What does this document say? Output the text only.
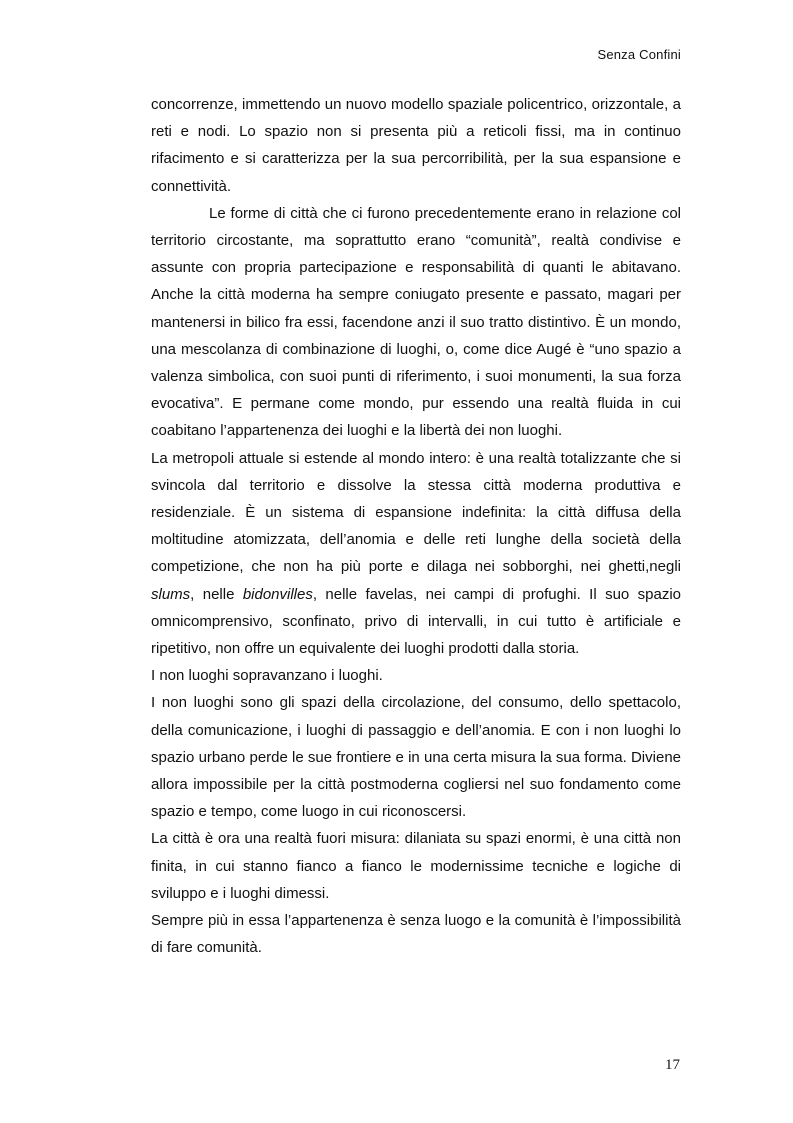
Senza Confini

concorrenze, immettendo un nuovo modello spaziale policentrico, orizzontale, a reti e nodi. Lo spazio non si presenta più a reticoli fissi, ma in continuo rifacimento e si caratterizza per la sua percorribilità, per la sua espansione e connettività.

Le forme di città che ci furono precedentemente erano in relazione col territorio circostante, ma soprattutto erano “comunità”, realtà condivise e assunte con propria partecipazione e responsabilità di quanti le abitavano. Anche la città moderna ha sempre coniugato presente e passato, magari per mantenersi in bilico fra essi, facendone anzi il suo tratto distintivo. È un mondo, una mescolanza di combinazione di luoghi, o, come dice Augé è “uno spazio a valenza simbolica, con suoi punti di riferimento, i suoi monumenti, la sua forza evocativa”. E permane come mondo, pur essendo una realtà fluida in cui coabitano l’appartenenza dei luoghi e la libertà dei non luoghi.

La metropoli attuale si estende al mondo intero: è una realtà totalizzante che si svincola dal territorio e dissolve la stessa città moderna produttiva e residenziale. È un sistema di espansione indefinita: la città diffusa della moltitudine atomizzata, dell’anomia e delle reti lunghe della società della competizione, che non ha più porte e dilaga nei sobborghi, nei ghetti,negli slums, nelle bidonvilles, nelle favelas, nei campi di profughi. Il suo spazio omnicomprensivo, sconfinato, privo di intervalli, in cui tutto è artificiale e ripetitivo, non offre un equivalente dei luoghi prodotti dalla storia.

I non luoghi sopravanzano i luoghi.

I non luoghi sono gli spazi della circolazione, del consumo, dello spettacolo, della comunicazione, i luoghi di passaggio e dell’anomia. E con i non luoghi lo spazio urbano perde le sue frontiere e in una certa misura la sua forma. Diviene allora impossibile per la città postmoderna cogliersi nel suo fondamento come spazio e tempo, come luogo in cui riconoscersi.

La città è ora una realtà fuori misura: dilaniata su spazi enormi, è una città non finita, in cui stanno fianco a fianco le modernissime tecniche e logiche di sviluppo e i luoghi dimessi.

Sempre più in essa l’appartenenza è senza luogo e la comunità è l’impossibilità di fare comunità.

17
